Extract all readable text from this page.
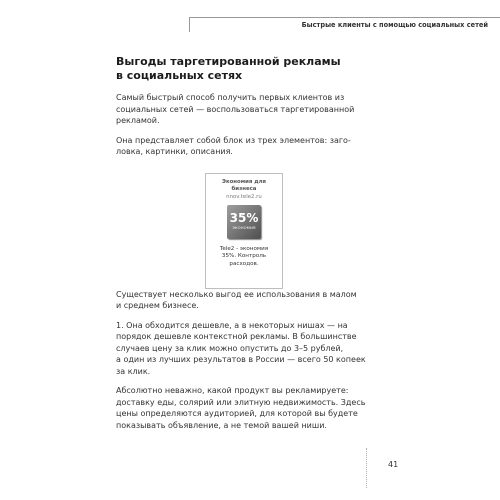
Быстрые клиенты с помощью социальных сетей
Выгоды таргетированной рекламы
в социальных сетях

Самый быстрый способ получить первых клиентов из
социальных сетей — воспользоваться таргетированной
рекламой.

Она представляет собой блок из трех элементов: заго-
ловка, картинки, описания.

Экономия для
бизнеса
nnov.tele2.ru
35%
ЭКОНОМИЯ
Tele2 - экономия
35%. Контроль
расходов.

Существует несколько выгод ее использования в малом
и среднем бизнесе.

1. Она обходится дешевле, а в некоторых нишах — на
порядок дешевле контекстной рекламы. В большинстве
случаев цену за клик можно опустить до 3–5 рублей,
а один из лучших результатов в России — всего 50 копеек
за клик.

Абсолютно неважно, какой продукт вы рекламируете:
доставку еды, солярий или элитную недвижимость. Здесь
цены определяются аудиторией, для которой вы будете
показывать объявление, а не темой вашей ниши.

41
